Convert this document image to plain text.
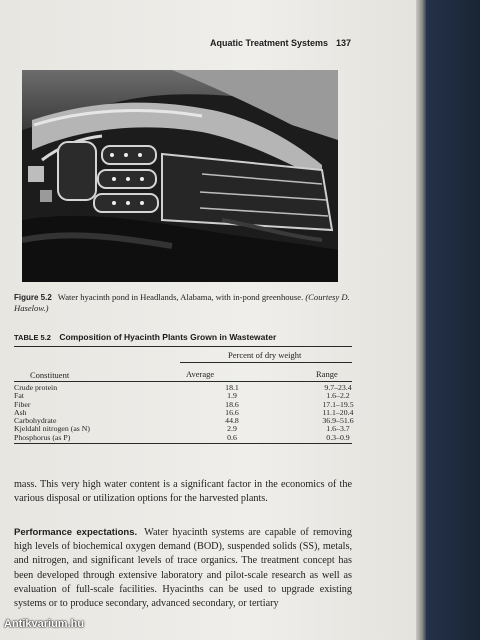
Aquatic Treatment Systems 137
Figure 5.2 Water hyacinth pond in Headlands, Alabama, with in-pond greenhouse. (Courtesy D. Haselow.)
TABLE 5.2 Composition of Hyacinth Plants Grown in Wastewater
Percent of dry weight
Constituent	Average	Range
Crude protein	18.1	9.7–23.4
Fat	1.9	1.6–2.2
Fiber	18.6	17.1–19.5
Ash	16.6	11.1–20.4
Carbohydrate	44.8	36.9–51.6
Kjeldahl nitrogen (as N)	2.9	1.6–3.7
Phosphorus (as P)	0.6	0.3–0.9
mass. This very high water content is a significant factor in the economics of the various disposal or utilization options for the harvested plants.
Performance expectations. Water hyacinth systems are capable of removing high levels of biochemical oxygen demand (BOD), suspended solids (SS), metals, and nitrogen, and significant levels of trace organics. The treatment concept has been developed through extensive laboratory and pilot-scale research as well as evaluation of full-scale facilities. Hyacinths can be used to upgrade existing systems or to produce secondary, advanced secondary, or tertiary
Antikvarium.hu
